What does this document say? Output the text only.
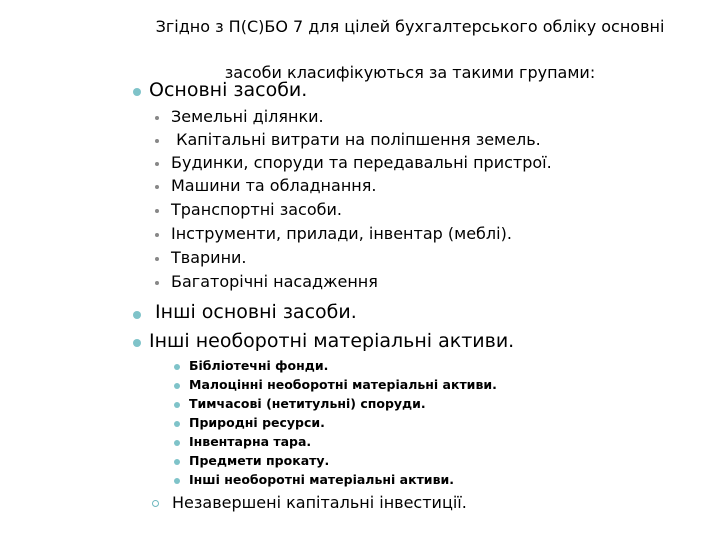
Згідно з П(С)БО 7 для цілей бухгалтерського обліку основні
засоби класифікуються за такими групами:
Основні засоби.
Земельні ділянки.
Капітальні витрати на поліпшення земель.
Будинки, споруди та передавальні пристрої.
Машини та обладнання.
Транспортні засоби.
Інструменти, прилади, інвентар (меблі).
Тварини.
Багаторічні насадження
Інші основні засоби.
Інші необоротні матеріальні активи.
Бібліотечні фонди.
Малоцінні необоротні матеріальні активи.
Тимчасові (нетитульні) споруди.
Природні ресурси.
Інвентарна тара.
Предмети прокату.
Інші необоротні матеріальні активи.
Незавершені капітальні інвестиції.
